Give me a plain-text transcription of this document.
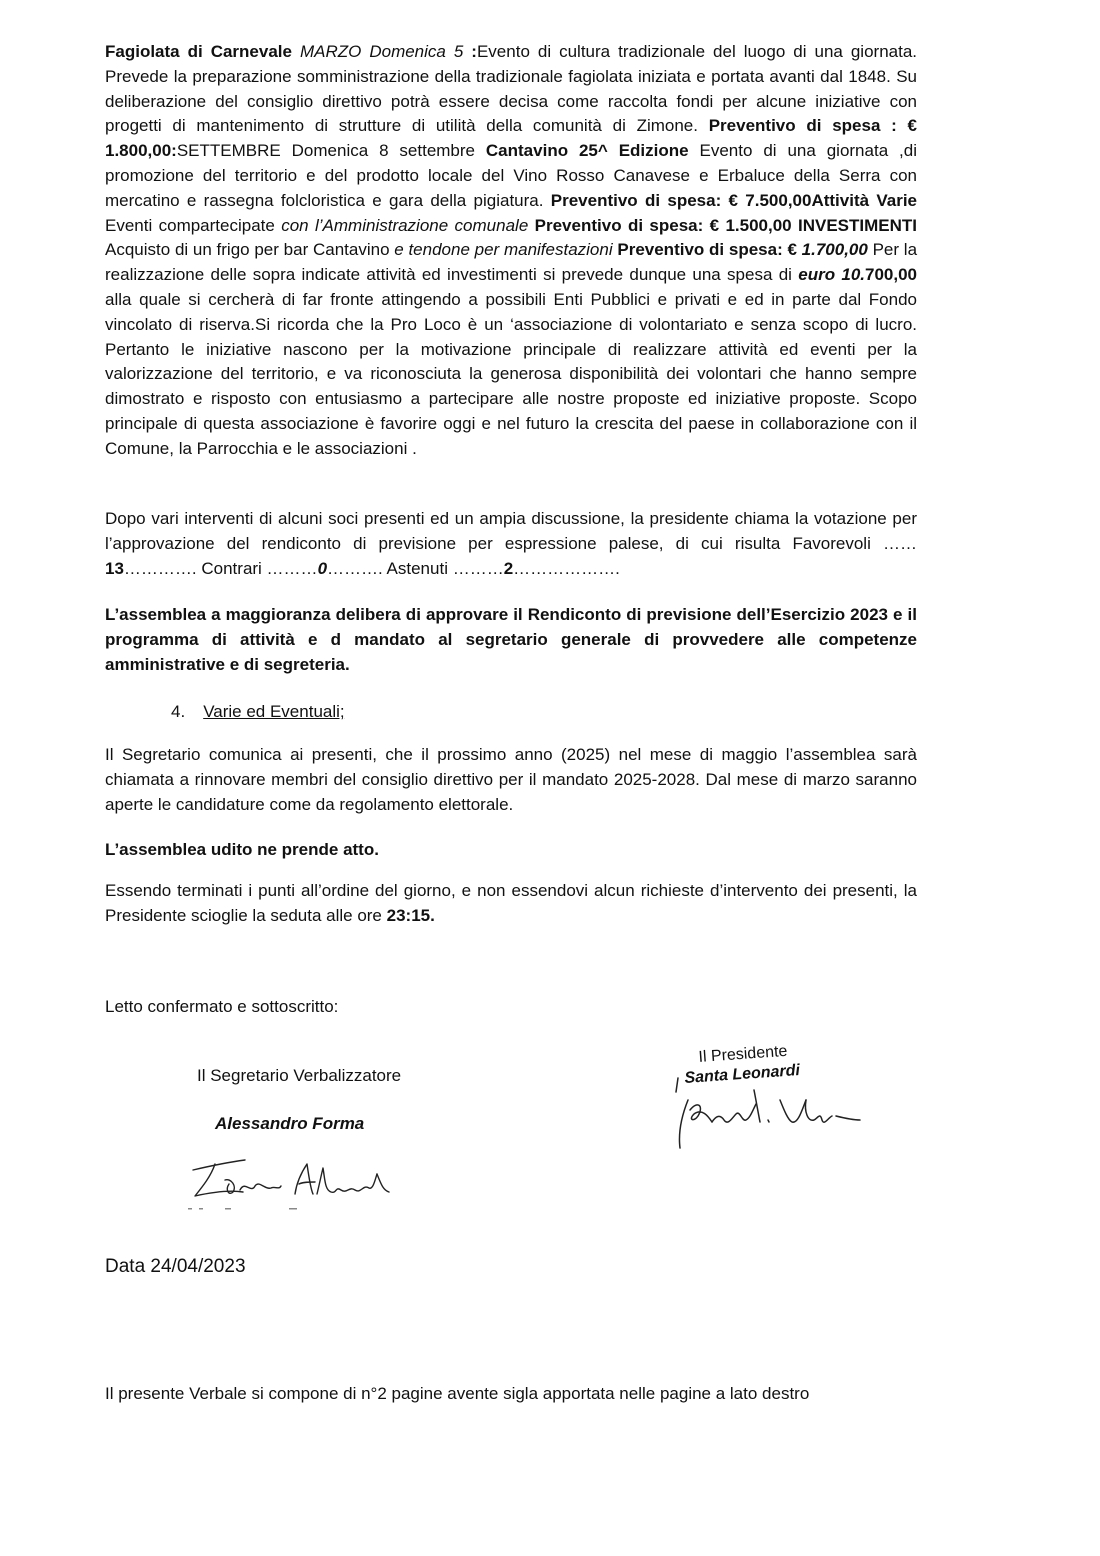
Fagiolata di Carnevale MARZO Domenica 5 :Evento di cultura tradizionale del luogo di una giornata. Prevede la preparazione somministrazione della tradizionale fagiolata iniziata e portata avanti dal 1848. Su deliberazione del consiglio direttivo potrà essere decisa come raccolta fondi per alcune iniziative con progetti di mantenimento di strutture di utilità della comunità di Zimone. Preventivo di spesa : € 1.800,00:SETTEMBRE Domenica 8 settembre Cantavino 25^ Edizione Evento di una giornata ,di promozione del territorio e del prodotto locale del Vino Rosso Canavese e Erbaluce della Serra con mercatino e rassegna folcloristica e gara della pigiatura. Preventivo di spesa: € 7.500,00Attività Varie Eventi compartecipate con l’Amministrazione comunale Preventivo di spesa: € 1.500,00 INVESTIMENTI Acquisto di un frigo per bar Cantavino e tendone per manifestazioni Preventivo di spesa: € 1.700,00 Per la realizzazione delle sopra indicate attività ed investimenti si prevede dunque una spesa di euro 10.700,00 alla quale si cercherà di far fronte attingendo a possibili Enti Pubblici e privati e ed in parte dal Fondo vincolato di riserva.Si ricorda che la Pro Loco è un ‘associazione di volontariato e senza scopo di lucro. Pertanto le iniziative nascono per la motivazione principale di realizzare attività ed eventi per la valorizzazione del territorio, e va riconosciuta la generosa disponibilità dei volontari che hanno sempre dimostrato e risposto con entusiasmo a partecipare alle nostre proposte ed iniziative proposte. Scopo principale di questa associazione è favorire oggi e nel futuro la crescita del paese in collaborazione con il Comune, la Parrocchia e le associazioni .
Dopo vari interventi di alcuni soci presenti ed un ampia discussione, la presidente chiama la votazione per l’approvazione del rendiconto di previsione per espressione palese, di cui risulta Favorevoli ……13…………. Contrari ………0………. Astenuti ………2……………….
L’assemblea a maggioranza delibera di approvare il Rendiconto di previsione dell’Esercizio 2023 e il programma di attività e d mandato al segretario generale di provvedere alle competenze amministrative e di segreteria.
4. Varie ed Eventuali;
Il Segretario comunica ai presenti, che il prossimo anno (2025) nel mese di maggio l’assemblea sarà chiamata a rinnovare membri del consiglio direttivo per il mandato 2025-2028. Dal mese di marzo saranno aperte le candidature come da regolamento elettorale.
L’assemblea udito ne prende atto.
Essendo terminati i punti all’ordine del giorno, e non essendovi alcun richieste d’intervento dei presenti, la Presidente scioglie la seduta alle ore 23:15.
Letto confermato e sottoscritto:
Il Segretario Verbalizzatore
Alessandro Forma
Il Presidente
Santa Leonardi
Data 24/04/2023
Il presente Verbale si compone di n°2 pagine avente sigla apportata nelle pagine a lato destro
